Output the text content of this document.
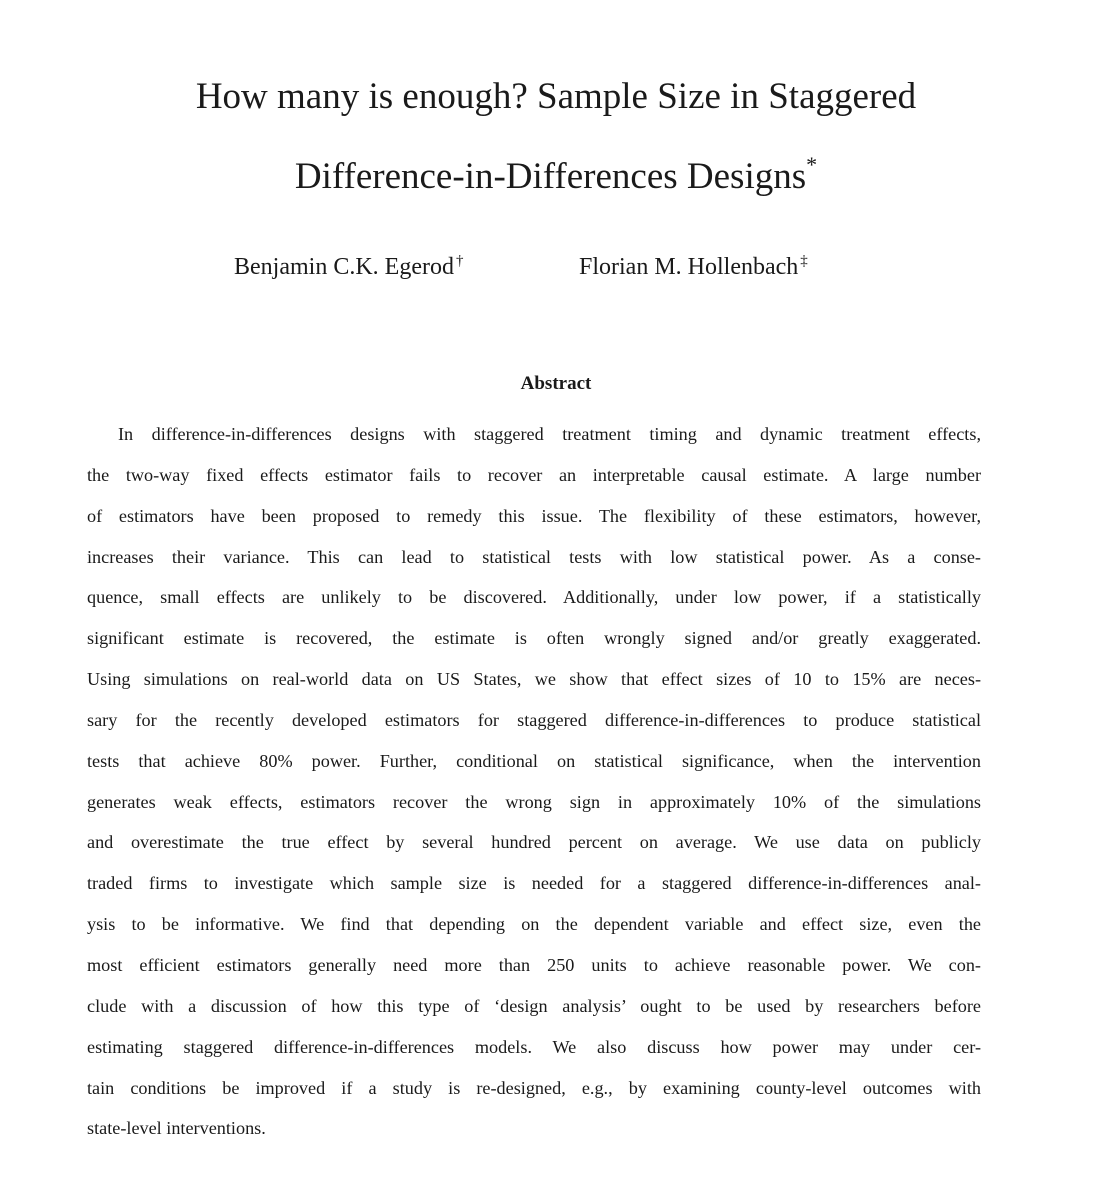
How many is enough? Sample Size in Staggered
Difference-in-Differences Designs*
Benjamin C.K. Egerod †	Florian M. Hollenbach ‡
Abstract
In difference-in-differences designs with staggered treatment timing and dynamic treatment effects,
the two-way fixed effects estimator fails to recover an interpretable causal estimate. A large number
of estimators have been proposed to remedy this issue. The flexibility of these estimators, however,
increases their variance. This can lead to statistical tests with low statistical power. As a conse-
quence, small effects are unlikely to be discovered. Additionally, under low power, if a statistically
significant estimate is recovered, the estimate is often wrongly signed and/or greatly exaggerated.
Using simulations on real-world data on US States, we show that effect sizes of 10 to 15% are neces-
sary for the recently developed estimators for staggered difference-in-differences to produce statistical
tests that achieve 80% power. Further, conditional on statistical significance, when the intervention
generates weak effects, estimators recover the wrong sign in approximately 10% of the simulations
and overestimate the true effect by several hundred percent on average. We use data on publicly
traded firms to investigate which sample size is needed for a staggered difference-in-differences anal-
ysis to be informative. We find that depending on the dependent variable and effect size, even the
most efficient estimators generally need more than 250 units to achieve reasonable power. We con-
clude with a discussion of how this type of ‘design analysis’ ought to be used by researchers before
estimating staggered difference-in-differences models. We also discuss how power may under cer-
tain conditions be improved if a study is re-designed, e.g., by examining county-level outcomes with
state-level interventions.
